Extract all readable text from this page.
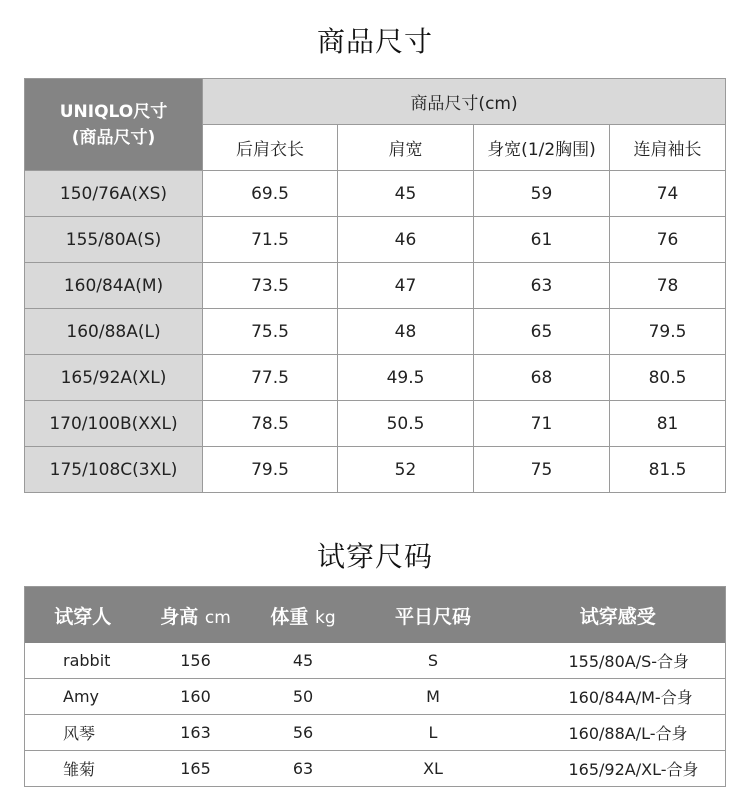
商品尺寸
UNIQLO尺寸
(商品尺寸)	商品尺寸(cm)			
	后肩衣长	肩宽	身宽(1/2胸围)	连肩袖长
150/76A(XS)	69.5	45	59	74
155/80A(S)	71.5	46	61	76
160/84A(M)	73.5	47	63	78
160/88A(L)	75.5	48	65	79.5
165/92A(XL)	77.5	49.5	68	80.5
170/100B(XXL)	78.5	50.5	71	81
175/108C(3XL)	79.5	52	75	81.5
试穿尺码
试穿人	身高 cm	体重 kg	平日尺码	试穿感受
rabbit	156	45	S	155/80A/S-合身
Amy	160	50	M	160/84A/M-合身
风琴	163	56	L	160/88A/L-合身
雏菊	165	63	XL	165/92A/XL-合身
